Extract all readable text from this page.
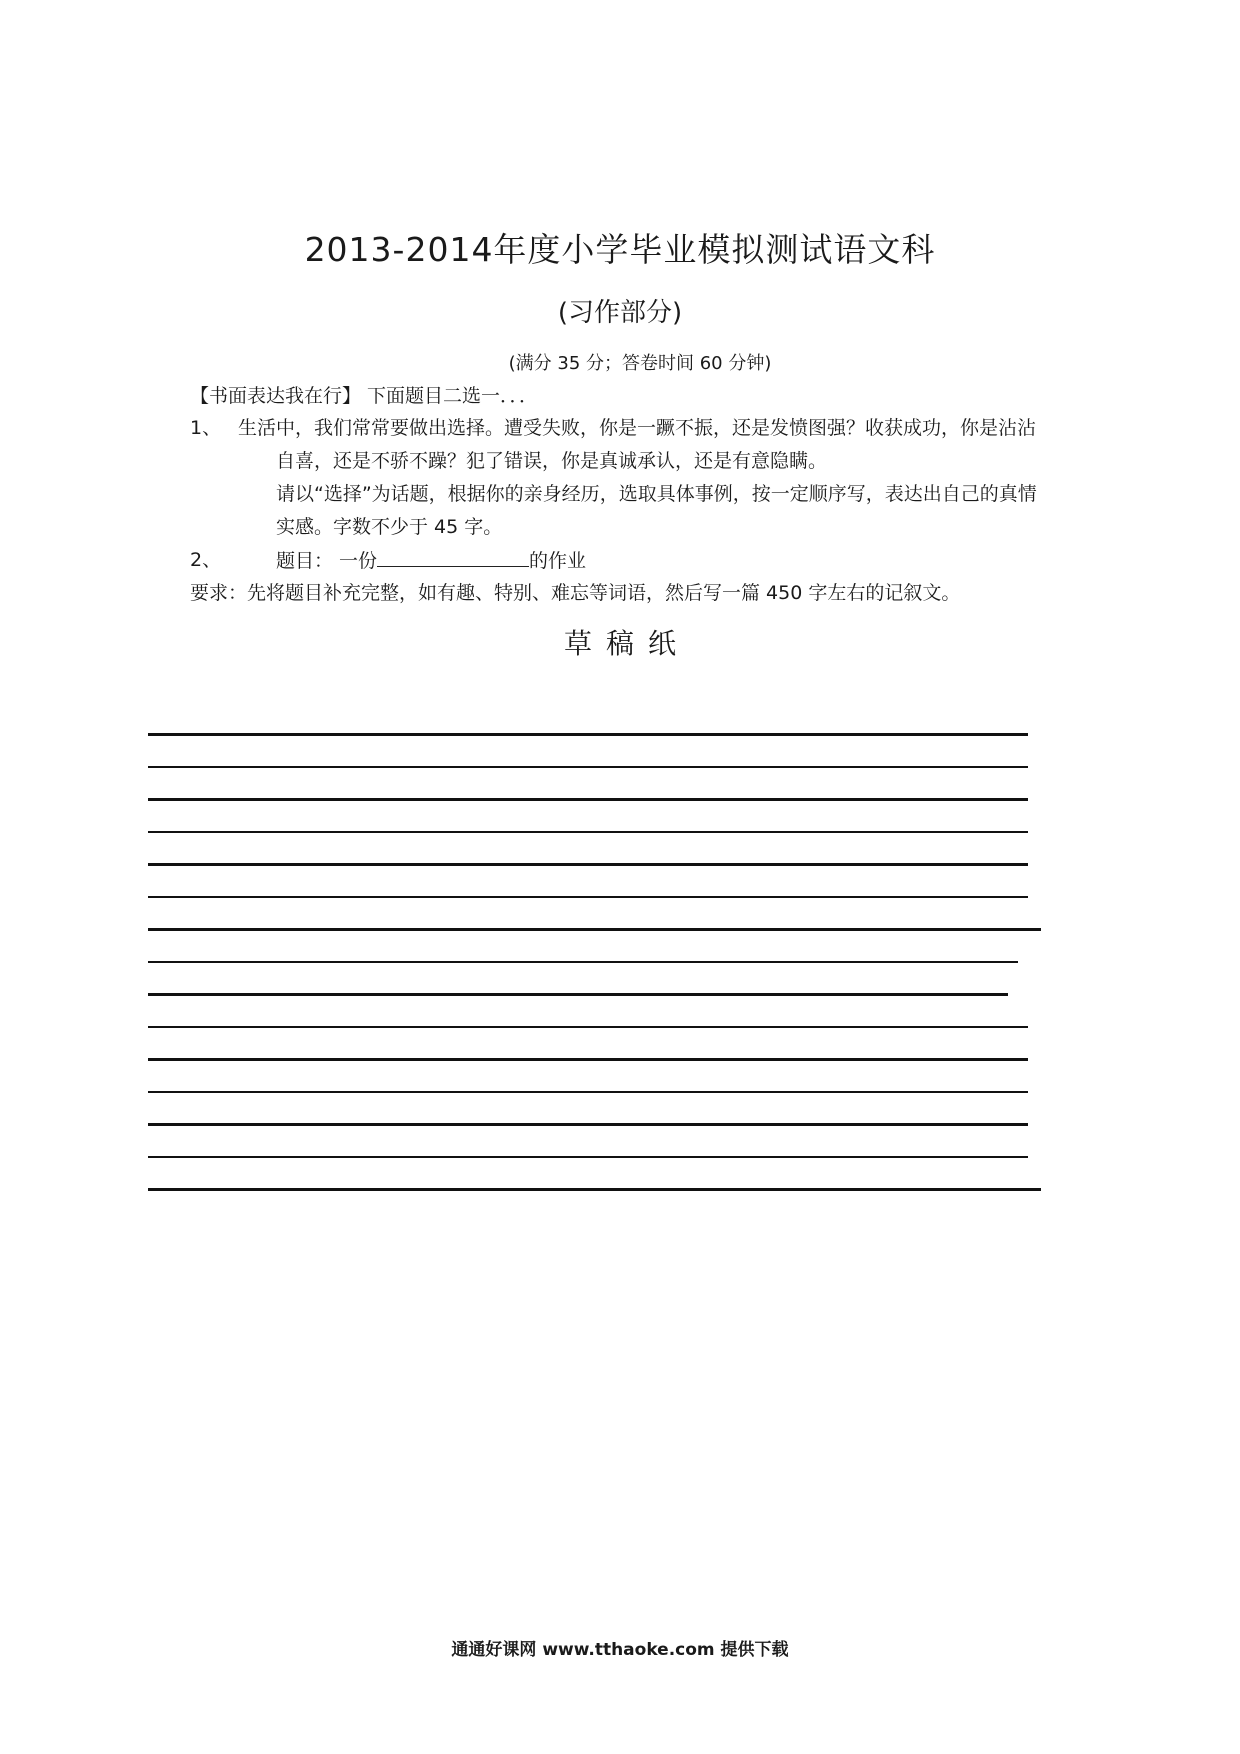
2013-2014年度小学毕业模拟测试语文科
(习作部分)
(满分 35 分；答卷时间 60 分钟)
【书面表达我在行】 下面题目二选一．．．
1、 生活中，我们常常要做出选择。遭受失败，你是一蹶不振，还是发愤图强？收获成功，你是沾沾
自喜，还是不骄不躁？犯了错误，你是真诚承认，还是有意隐瞒。
请以“选择”为话题，根据你的亲身经历，选取具体事例，按一定顺序写，表达出自己的真情
实感。字数不少于 45 字。
2、	题目： 一份	的作业
要求：先将题目补充完整，如有趣、特别、难忘等词语，然后写一篇 450 字左右的记叙文。
草稿纸
通通好课网 www.tthaoke.com 提供下载
